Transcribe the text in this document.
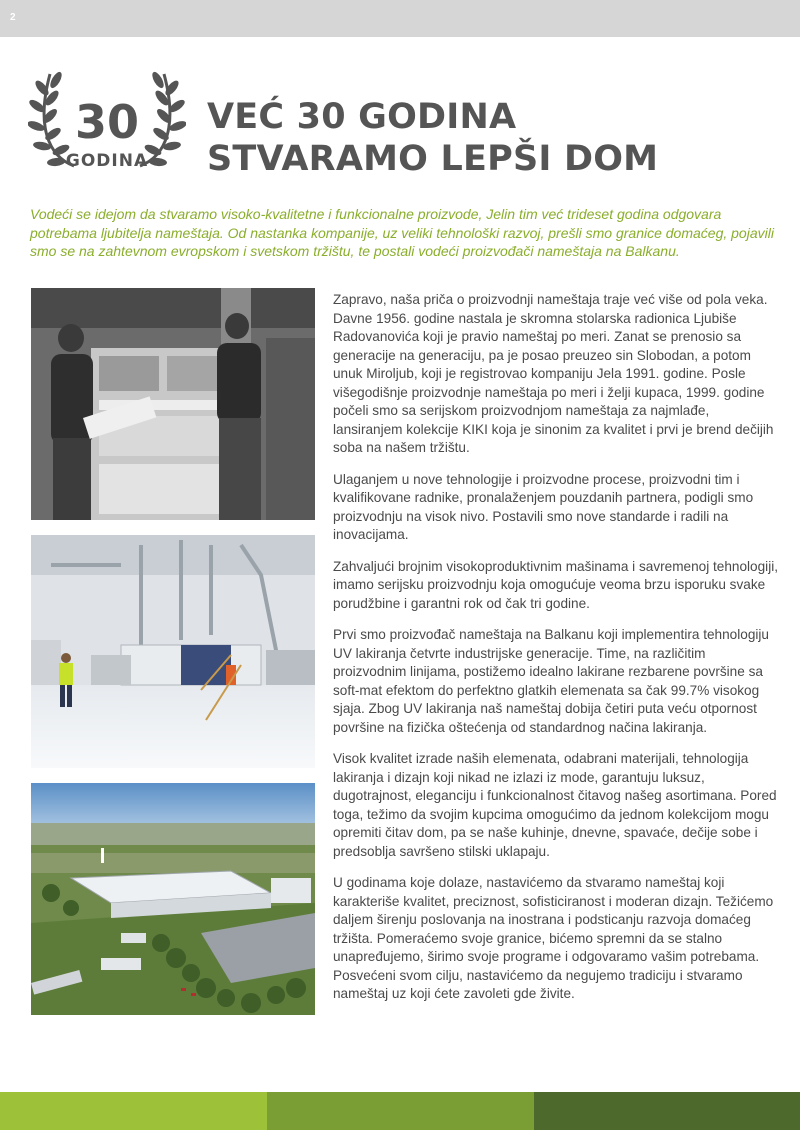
2
30
GODINA
VEĆ 30 GODINA
STVARAMO LEPŠI DOM

Vodeći se idejom da stvaramo visoko-kvalitetne i funkcionalne proizvode, Jelin tim već trideset godina odgovara potrebama ljubitelja nameštaja. Od nastanka kompanije, uz veliki tehnološki razvoj, prešli smo granice domaćeg, pojavili smo se na zahtevnom evropskom i svetskom tržištu, te postali vodeći proizvođači nameštaja na Balkanu.

Zapravo, naša priča o proizvodnji nameštaja traje već više od pola veka. Davne 1956. godine nastala je skromna stolarska radionica Ljubiše Radovanovića koji je pravio nameštaj po meri. Zanat se prenosio sa generacije na generaciju, pa je posao preuzeo sin Slobodan, a potom unuk Miroljub, koji je registrovao kompaniju Jela 1991. godine. Posle višegodišnje proizvodnje nameštaja po meri i želji kupaca, 1999. godine počeli smo sa serijskom proizvodnjom nameštaja za najmlađe, lansiranjem kolekcije KIKI koja je sinonim za kvalitet i prvi je brend dečijih soba na našem tržištu.

Ulaganjem u nove tehnologije i proizvodne procese, proizvodni tim i kvalifikovane radnike, pronalaženjem pouzdanih partnera, podigli smo proizvodnju na visok nivo. Postavili smo nove standarde i radili na inovacijama.

Zahvaljući brojnim visokoproduktivnim mašinama i savremenoj tehnologiji, imamo serijsku proizvodnju koja omogućuje veoma brzu isporuku svake porudžbine i garantni rok od čak tri godine.

Prvi smo proizvođač nameštaja na Balkanu koji implementira tehnologiju UV lakiranja četvrte industrijske generacije. Time, na različitim proizvodnim linijama, postižemo idealno lakirane rezbarene površine sa soft-mat efektom do perfektno glatkih elemenata sa čak 99.7% visokog sjaja. Zbog UV lakiranja naš nameštaj dobija četiri puta veću otpornost površine na fizička oštećenja od standardnog načina lakiranja.

Visok kvalitet izrade naših elemenata, odabrani materijali, tehnologija lakiranja i dizajn koji nikad ne izlazi iz mode, garantuju luksuz, dugotrajnost, eleganciju i funkcionalnost čitavog našeg asortimana. Pored toga, težimo da svojim kupcima omogućimo da jednom kolekcijom mogu opremiti čitav dom, pa se naše kuhinje, dnevne, spavaće, dečije sobe i predsoblja savršeno stilski uklapaju.

U godinama koje dolaze, nastavićemo da stvaramo nameštaj koji karakteriše kvalitet, preciznost, sofisticiranost i moderan dizajn. Težićemo daljem širenju poslovanja na inostrana i podsticanju razvoja domaćeg tržišta. Pomeraćemo svoje granice, bićemo spremni da se stalno unapređujemo, širimo svoje programe i odgovaramo vašim potrebama. Posvećeni svom cilju, nastavićemo da negujemo tradiciju i stvaramo nameštaj uz koji ćete zavoleti gde živite.
